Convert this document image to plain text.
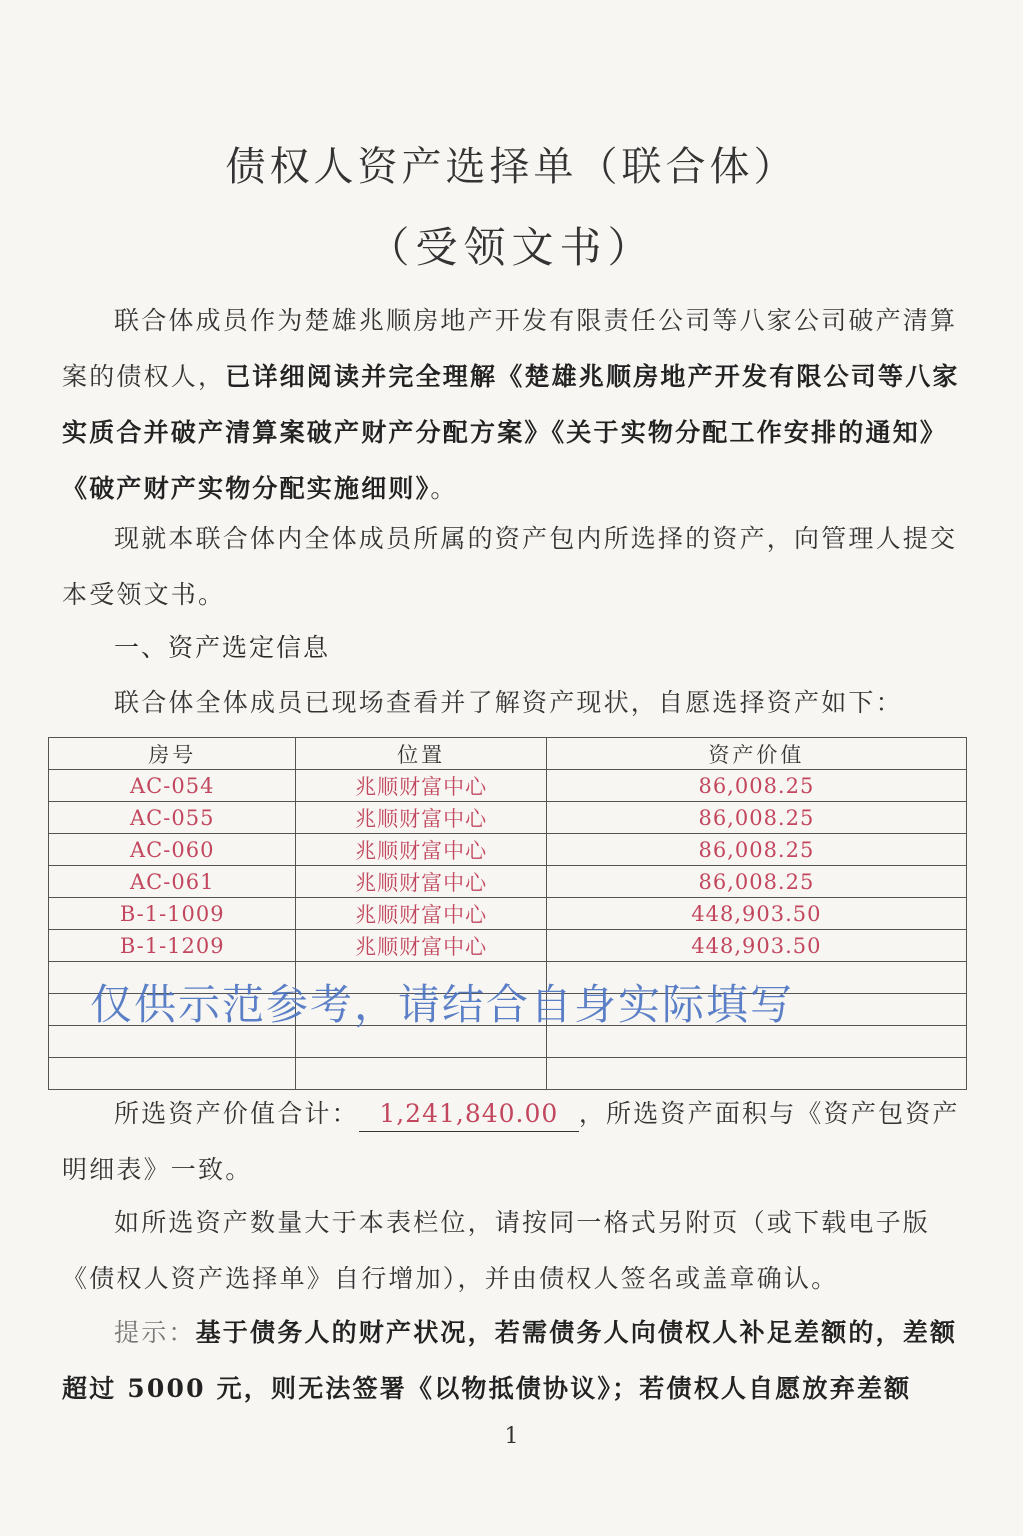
债权人资产选择单（联合体）
（受领文书）
联合体成员作为楚雄兆顺房地产开发有限责任公司等八家公司破产清算案的债权人，已详细阅读并完全理解《楚雄兆顺房地产开发有限公司等八家实质合并破产清算案破产财产分配方案》《关于实物分配工作安排的通知》《破产财产实物分配实施细则》。
现就本联合体内全体成员所属的资产包内所选择的资产，向管理人提交本受领文书。
一、资产选定信息
联合体全体成员已现场查看并了解资产现状，自愿选择资产如下：
房号	位置	资产价值
AC-054	兆顺财富中心	86,008.25
AC-055	兆顺财富中心	86,008.25
AC-060	兆顺财富中心	86,008.25
AC-061	兆顺财富中心	86,008.25
B-1-1009	兆顺财富中心	448,903.50
B-1-1209	兆顺财富中心	448,903.50

仅供示范参考，请结合自身实际填写
所选资产价值合计： 1,241,840.00 ，所选资产面积与《资产包资产明细表》一致。
如所选资产数量大于本表栏位，请按同一格式另附页（或下载电子版《债权人资产选择单》自行增加），并由债权人签名或盖章确认。
提示：基于债务人的财产状况，若需债务人向债权人补足差额的，差额超过 5000 元，则无法签署《以物抵债协议》；若债权人自愿放弃差额
1
